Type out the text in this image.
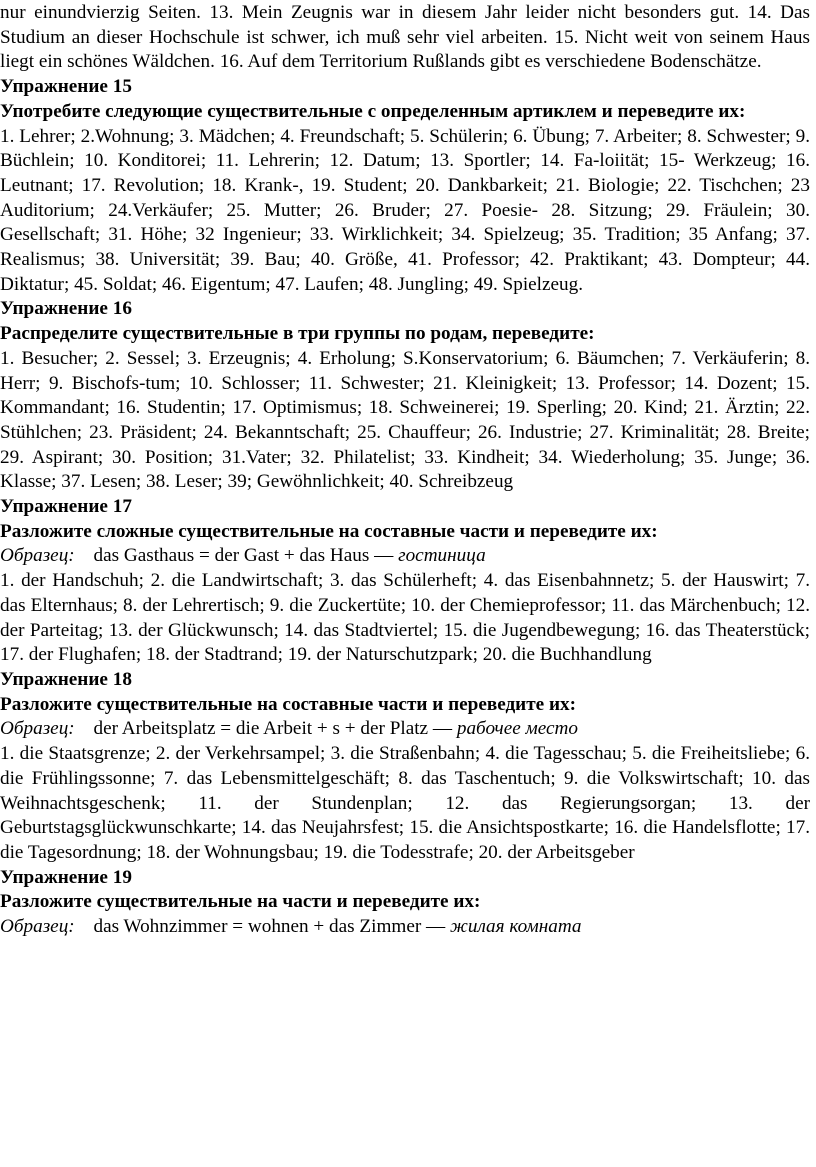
nur einundvierzig Seiten. 13. Mein Zeugnis war in diesem Jahr leider nicht besonders gut. 14. Das Studium an dieser Hochschule ist schwer, ich muß sehr viel arbeiten. 15. Nicht weit von seinem Haus liegt ein schönes Wäldchen. 16. Auf dem Territorium Rußlands gibt es verschiedene Bodenschätze.

Упражнение 15

Употребите следующие существительные с определенным артиклем и переведите их:

1. Lehrer; 2.Wohnung; 3. Mädchen; 4. Freundschaft; 5. Schülerin; 6. Übung; 7. Arbeiter; 8. Schwester; 9. Büchlein; 10. Konditorei; 11. Lehrerin; 12. Datum; 13. Sportler; 14. Fa-loiität; 15- Werkzeug; 16. Leutnant; 17. Revolution; 18. Krank-, 19. Student; 20. Dankbarkeit; 21. Biologie; 22. Tischchen; 23 Auditorium; 24.Verkäufer; 25. Mutter; 26. Bruder; 27. Poesie- 28. Sitzung; 29. Fräulein; 30. Gesellschaft; 31. Höhe; 32 Ingenieur; 33. Wirklichkeit; 34. Spielzeug; 35. Tradition; 35 Anfang; 37. Realismus; 38. Universität; 39. Bau; 40. Größe, 41. Professor; 42. Praktikant; 43. Dompteur; 44. Diktatur; 45. Soldat; 46. Eigentum; 47. Laufen; 48. Jungling; 49. Spielzeug.

Упражнение 16

Распределите существительные в три группы по родам, переведите:

1. Besucher; 2. Sessel; 3. Erzeugnis; 4. Erholung; S.Konservatorium; 6. Bäumchen; 7. Verkäuferin; 8. Herr; 9. Bischofs-tum; 10. Schlosser; 11. Schwester; 21. Kleinigkeit; 13. Professor; 14. Dozent; 15. Kommandant; 16. Studentin; 17. Optimismus; 18. Schweinerei; 19. Sperling; 20. Kind; 21. Ärztin; 22. Stühlchen; 23. Präsident; 24. Bekanntschaft; 25. Chauffeur; 26. Industrie; 27. Kriminalität; 28. Breite; 29. Aspirant; 30. Position; 31.Vater; 32. Philatelist; 33. Kindheit; 34. Wiederholung; 35. Junge; 36. Klasse; 37. Lesen; 38. Leser; 39; Gewöhnlichkeit; 40. Schreibzeug

Упражнение 17

Разложите сложные существительные на составные части и переведите их:

Образец: das Gasthaus = der Gast + das Haus — гостиница

1. der Handschuh; 2. die Landwirtschaft; 3. das Schülerheft; 4. das Eisenbahnnetz; 5. der Hauswirt; 7. das Elternhaus; 8. der Lehrertisch; 9. die Zuckertüte; 10. der Chemieprofessor; 11. das Märchenbuch; 12. der Parteitag; 13. der Glückwunsch; 14. das Stadtviertel; 15. die Jugendbewegung; 16. das Theaterstück; 17. der Flughafen; 18. der Stadtrand; 19. der Naturschutzpark; 20. die Buchhandlung

Упражнение 18

Разложите существительные на составные части и переведите их:

Образец: der Arbeitsplatz = die Arbeit + s + der Platz — рабочее место

1. die Staatsgrenze; 2. der Verkehrsampel; 3. die Straßenbahn; 4. die Tagesschau; 5. die Freiheitsliebe; 6. die Frühlingssonne; 7. das Lebensmittelgeschäft; 8. das Taschentuch; 9. die Volkswirtschaft; 10. das Weihnachtsgeschenk; 11. der Stundenplan; 12. das Regierungsorgan; 13. der Geburtstagsglückwunschkarte; 14. das Neujahrsfest; 15. die Ansichtspostkarte; 16. die Handelsflotte; 17. die Tagesordnung; 18. der Wohnungsbau; 19. die Todesstrafe; 20. der Arbeitsgeber

Упражнение 19

Разложите существительные на части и переведите их:

Образец: das Wohnzimmer = wohnen + das Zimmer — жилая комната
